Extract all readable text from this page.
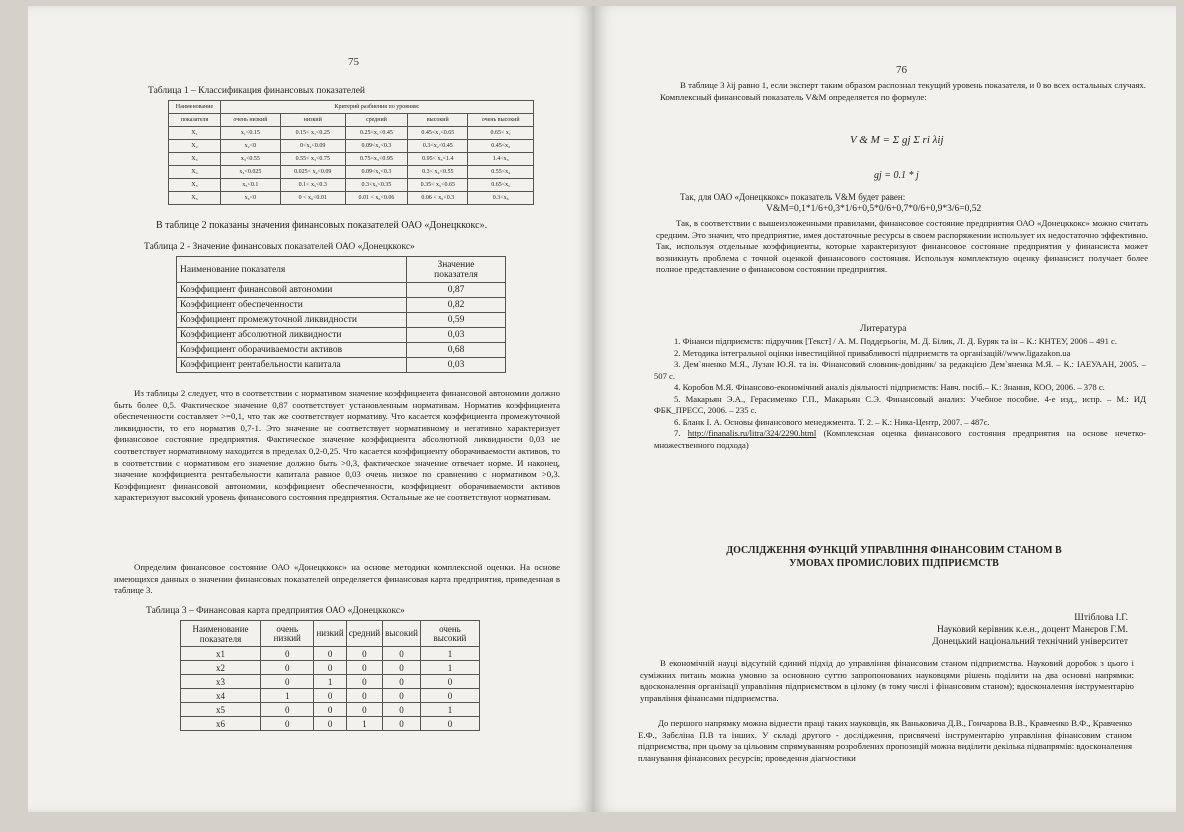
75
Таблица 1 – Классификация финансовых показателей
Наименование	Критерий разбиения по уровням:				
показателя	очень низкий	низкий	средний	высокий	очень высокий
X₁	x₁<0.15	0.15< x₁<0.25	0.25<x₁<0.45	0.45<x₁<0.65	0.65< x₁
X₂	x₂<0	0<x₂<0.09	0.09<x₂<0.3	0.3<x₂<0.45	0.45<x₂
X₃	x₃<0.55	0.55< x₃<0.75	0.75<x₃<0.95	0.95< x₃<1.4	1.4<x₃
X₄	x₄<0.025	0.025< x₄<0.09	0.09<x₄<0.3	0.3< x₄<0.55	0.55<x₄
X₅	x₅<0.1	0.1< x₅<0.3	0.3<x₅<0.35	0.35< x₅<0.65	0.65<x₅
X₆	x₆<0	0 < x₆<0.01	0.01 < x₆<0.06	0.06 < x₆<0.3	0.3<x₆
В таблице 2 показаны значения финансовых показателей ОАО «Донецккокс».
Таблица 2 - Значение финансовых показателей ОАО «Донецккокс»
Наименование показателя	Значение
показателя

Коэффициент финансовой автономии	0,87
Коэффициент обеспеченности	0,82
Коэффициент промежуточной ликвидности	0,59
Коэффициент абсолютной ликвидности	0,03
Коэффициент оборачиваемости активов	0,68
Коэффициент рентабельности капитала	0,03
Из таблицы 2 следует, что в соответствии с нормативом значение коэффициента финансовой автономии должно быть более 0,5. Фактическое значение 0,87 соответствует установленным нормативам. Норматив коэффициента обеспеченности составляет >=0,1, что так же соответствует нормативу. Что касается коэффициента промежуточной ликвидности, то его норматив 0,7-1. Это значение не соответствует нормативному и негативно характеризует финансовое состояние предприятия. Фактическое значение коэффициента абсолютной ликвидности 0,03 не соответствует нормативному находится в пределах 0,2-0,25. Что касается коэффициенту оборачиваемости активов, то в соответствии с нормативом его значение должно быть >0,3, фактическое значение отвечает норме. И наконец, значение коэффициента рентабельности капитала равное 0,03 очень низкое по сравнению с нормативом >0,3. Коэффициент финансовой автономии, коэффициент обеспеченности, коэффициент оборачиваемости активов характеризуют высокий уровень финансового состояния предприятия. Остальные же не соответствуют нормативам.
Определим финансовое состояние ОАО «Донецккокс» на основе методики комплексной оценки. На основе имеющихся данных о значении финансовых показателей определяется финансовая карта предприятия, приведенная в таблице 3.
Таблица 3 – Финансовая карта предприятия ОАО «Донецккокс»
Наименование
показателя	очень низкий	низкий	средний	высокий	очень высокий
x1	0	0	0	0	1
x2	0	0	0	0	1
x3	0	1	0	0	0
x4	1	0	0	0	0
x5	0	0	0	0	1
x6	0	0	1	0	0
76
В таблице 3 λij равно 1, если эксперт таким образом распознал текущий уровень показателя, и 0 во всех остальных случаях. Комплексный финансовый показатель V&M определяется по формуле:
V & M = Σ gj Σ ri λij
gj = 0.1 * j
Так, для ОАО «Донецккокс» показатель V&M будет равен:
V&M=0,1*1/6+0,3*1/6+0,5*0/6+0,7*0/6+0,9*3/6=0,52
Так, в соответствии с вышеизложенными правилами, финансовое состояние предприятия ОАО «Донецккокс» можно считать средним. Это значит, что предприятие, имея достаточные ресурсы в своем распоряжении использует их недостаточно эффективно. Так, используя отдельные коэффициенты, которые характеризуют финансовое состояние предприятия у финансиста может возникнуть проблема с точной оценкой финансового состояния. Используя комплектную оценку финансист получает более полное представление о финансовом состоянии предприятия.
Литература
1. Фінанси підприємств: підручник [Текст] / А. М. Поддєрьогін, М. Д. Білик, Л. Д. Буряк та ін – К.: КНТЕУ, 2006 – 491 с.
2. Методика інтегральної оцінки інвестиційної привабливості підприємств та організацій//www.ligazakon.ua
3. Дем`яненко М.Я., Лузан Ю.Я. та ін. Фінансовий словник-довідник/ за редакцією Дем`яненка М.Я. – К.: ІАЕУААН, 2005. – 507 с.
4. Коробов М.Я. Фінансово-економічний аналіз діяльності підприємств: Навч. посіб.– К.: Знання, КОО, 2006. – 378 с.
5. Макарьян Э.А., Герасименко Г.П., Макарьян С.Э. Финансовый анализ: Учебное пособие. 4-е изд., испр. – М.: ИД ФБК_ПРЕСС, 2006. – 235 с.
6. Бланк І. А. Основы финансового менеджмента. Т. 2. – К.: Ника-Центр, 2007. – 487с.
7. http://finanalis.ru/litra/324/2290.html (Комплексная оценка финансового состояния предприятия на основе нечетко-множественного подхода)
ДОСЛІДЖЕННЯ ФУНКЦІЙ УПРАВЛІННЯ ФІНАНСОВИМ СТАНОМ В
УМОВАХ ПРОМИСЛОВИХ ПІДПРИЄМСТВ
Штіблова І.Г.
Науковий керівник к.е.н., доцент Манєров Г.М.
Донецький національний технічний університет
В економічній науці відсутній єдиний підхід до управління фінансовим станом підприємства. Науковий доробок з цього і суміжних питань можна умовно за основною суттю запропонованих науковцями рішень поділити на два основні напрямки: вдосконалення організації управління підприємством в цілому (в тому числі і фінансовим станом); вдосконалення інструментарію управління фінансами підприємства.
До першого напрямку можна віднести праці таких науковців, як Ваньковича Д.В., Гончарова В.В., Кравченко В.Ф., Кравченко Е.Ф., Забєліна П.В та інших. У складі другого - дослідження, присвячені інструментарію управління фінансовим станом підприємства, при цьому за цільовим спрямуванням розроблених пропозицій можна виділити декілька підвапрямів: вдосконалення планування фінансових ресурсів; проведення діагностики
